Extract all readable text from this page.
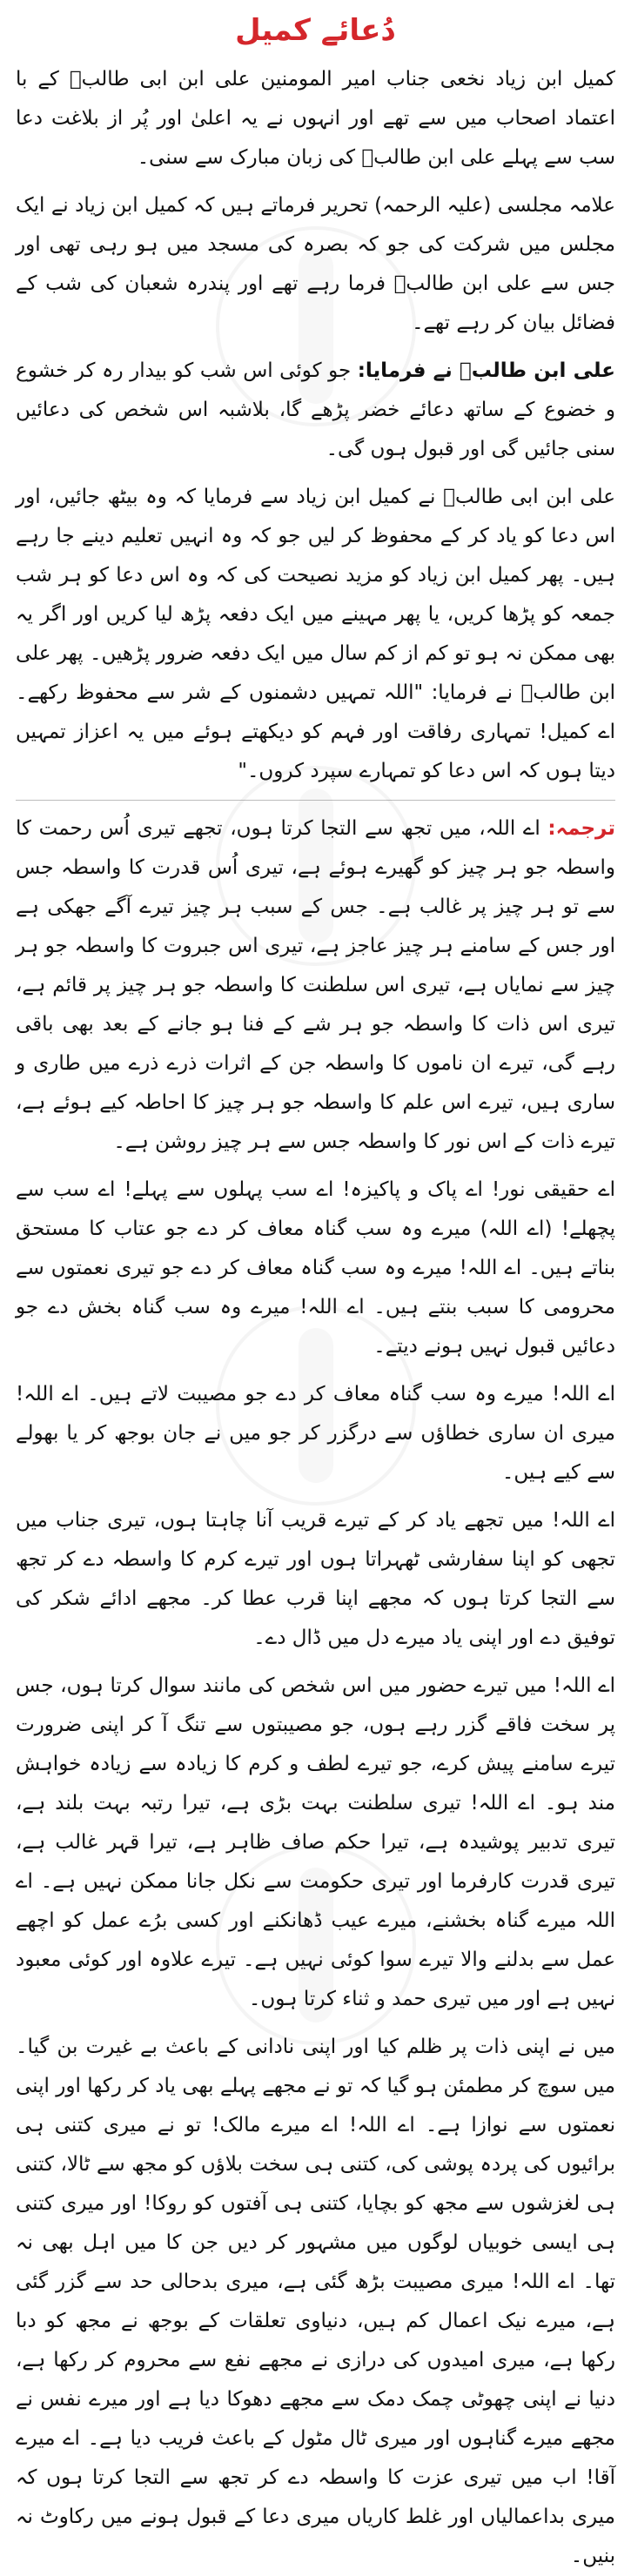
دُعائے کمیل

کمیل ابن زیاد نخعی جناب امیر المومنین علی ابن ابی طالبؑ کے با اعتماد اصحاب میں سے تھے اور انہوں نے یہ اعلیٰ اور پُر از بلاغت دعا سب سے پہلے علی ابن طالبؑ کی زبان مبارک سے سنی۔

علامہ مجلسی (علیہ الرحمہ) تحریر فرماتے ہیں کہ کمیل ابن زیاد نے ایک مجلس میں شرکت کی جو کہ بصرہ کی مسجد میں ہو رہی تھی اور جس سے علی ابن طالبؑ فرما رہے تھے اور پندرہ شعبان کی شب کے فضائل بیان کر رہے تھے۔

علی ابن طالبؑ نے فرمایا: جو کوئی اس شب کو بیدار رہ کر خشوع و خضوع کے ساتھ دعائے خضر پڑھے گا، بلاشبہ اس شخص کی دعائیں سنی جائیں گی اور قبول ہوں گی۔

علی ابن ابی طالبؑ نے کمیل ابن زیاد سے فرمایا کہ وہ بیٹھ جائیں، اور اس دعا کو یاد کر کے محفوظ کر لیں جو کہ وہ انہیں تعلیم دینے جا رہے ہیں۔ پھر کمیل ابن زیاد کو مزید نصیحت کی کہ وہ اس دعا کو ہر شب جمعہ کو پڑھا کریں، یا پھر مہینے میں ایک دفعہ پڑھ لیا کریں اور اگر یہ بھی ممکن نہ ہو تو کم از کم سال میں ایک دفعہ ضرور پڑھیں۔ پھر علی ابن طالبؑ نے فرمایا: "اللہ تمہیں دشمنوں کے شر سے محفوظ رکھے۔ اے کمیل! تمہاری رفاقت اور فہم کو دیکھتے ہوئے میں یہ اعزاز تمہیں دیتا ہوں کہ اس دعا کو تمہارے سپرد کروں۔"

ترجمہ: اے اللہ، میں تجھ سے التجا کرتا ہوں، تجھے تیری اُس رحمت کا واسطہ جو ہر چیز کو گھیرے ہوئے ہے، تیری اُس قدرت کا واسطہ جس سے تو ہر چیز پر غالب ہے۔ جس کے سبب ہر چیز تیرے آگے جھکی ہے اور جس کے سامنے ہر چیز عاجز ہے، تیری اس جبروت کا واسطہ جو ہر چیز سے نمایاں ہے، تیری اس سلطنت کا واسطہ جو ہر چیز پر قائم ہے، تیری اس ذات کا واسطہ جو ہر شے کے فنا ہو جانے کے بعد بھی باقی رہے گی، تیرے ان ناموں کا واسطہ جن کے اثرات ذرے ذرے میں طاری و ساری ہیں، تیرے اس علم کا واسطہ جو ہر چیز کا احاطہ کیے ہوئے ہے، تیرے ذات کے اس نور کا واسطہ جس سے ہر چیز روشن ہے۔

اے حقیقی نور! اے پاک و پاکیزہ! اے سب پہلوں سے پہلے! اے سب سے پچھلے! (اے اللہ) میرے وہ سب گناہ معاف کر دے جو عتاب کا مستحق بناتے ہیں۔ اے اللہ! میرے وہ سب گناہ معاف کر دے جو تیری نعمتوں سے محرومی کا سبب بنتے ہیں۔ اے اللہ! میرے وہ سب گناہ بخش دے جو دعائیں قبول نہیں ہونے دیتے۔

اے اللہ! میرے وہ سب گناہ معاف کر دے جو مصیبت لاتے ہیں۔ اے اللہ! میری ان ساری خطاؤں سے درگزر کر جو میں نے جان بوجھ کر یا بھولے سے کیے ہیں۔

اے اللہ! میں تجھے یاد کر کے تیرے قریب آنا چاہتا ہوں، تیری جناب میں تجھی کو اپنا سفارشی ٹھہراتا ہوں اور تیرے کرم کا واسطہ دے کر تجھ سے التجا کرتا ہوں کہ مجھے اپنا قرب عطا کر۔ مجھے ادائے شکر کی توفیق دے اور اپنی یاد میرے دل میں ڈال دے۔

اے اللہ! میں تیرے حضور میں اس شخص کی مانند سوال کرتا ہوں، جس پر سخت فاقے گزر رہے ہوں، جو مصیبتوں سے تنگ آ کر اپنی ضرورت تیرے سامنے پیش کرے، جو تیرے لطف و کرم کا زیادہ سے زیادہ خواہش مند ہو۔ اے اللہ! تیری سلطنت بہت بڑی ہے، تیرا رتبہ بہت بلند ہے، تیری تدبیر پوشیدہ ہے، تیرا حکم صاف ظاہر ہے، تیرا قہر غالب ہے، تیری قدرت کارفرما اور تیری حکومت سے نکل جانا ممکن نہیں ہے۔ اے اللہ میرے گناہ بخشنے، میرے عیب ڈھانکنے اور کسی برُے عمل کو اچھے عمل سے بدلنے والا تیرے سوا کوئی نہیں ہے۔ تیرے علاوہ اور کوئی معبود نہیں ہے اور میں تیری حمد و ثناء کرتا ہوں۔

میں نے اپنی ذات پر ظلم کیا اور اپنی نادانی کے باعث بے غیرت بن گیا۔ میں سوچ کر مطمئن ہو گیا کہ تو نے مجھے پہلے بھی یاد کر رکھا اور اپنی نعمتوں سے نوازا ہے۔ اے اللہ! اے میرے مالک! تو نے میری کتنی ہی برائیوں کی پردہ پوشی کی، کتنی ہی سخت بلاؤں کو مجھ سے ٹالا، کتنی ہی لغزشوں سے مجھ کو بچایا، کتنی ہی آفتوں کو روکا! اور میری کتنی ہی ایسی خوبیاں لوگوں میں مشہور کر دیں جن کا میں اہل بھی نہ تھا۔ اے اللہ! میری مصیبت بڑھ گئی ہے، میری بدحالی حد سے گزر گئی ہے، میرے نیک اعمال کم ہیں، دنیاوی تعلقات کے بوجھ نے مجھ کو دبا رکھا ہے، میری امیدوں کی درازی نے مجھے نفع سے محروم کر رکھا ہے، دنیا نے اپنی چھوٹی چمک دمک سے مجھے دھوکا دیا ہے اور میرے نفس نے مجھے میرے گناہوں اور میری ٹال مٹول کے باعث فریب دیا ہے۔ اے میرے آقا! اب میں تیری عزت کا واسطہ دے کر تجھ سے التجا کرتا ہوں کہ میری بداعمالیاں اور غلط کاریاں میری دعا کے قبول ہونے میں رکاوٹ نہ بنیں۔
